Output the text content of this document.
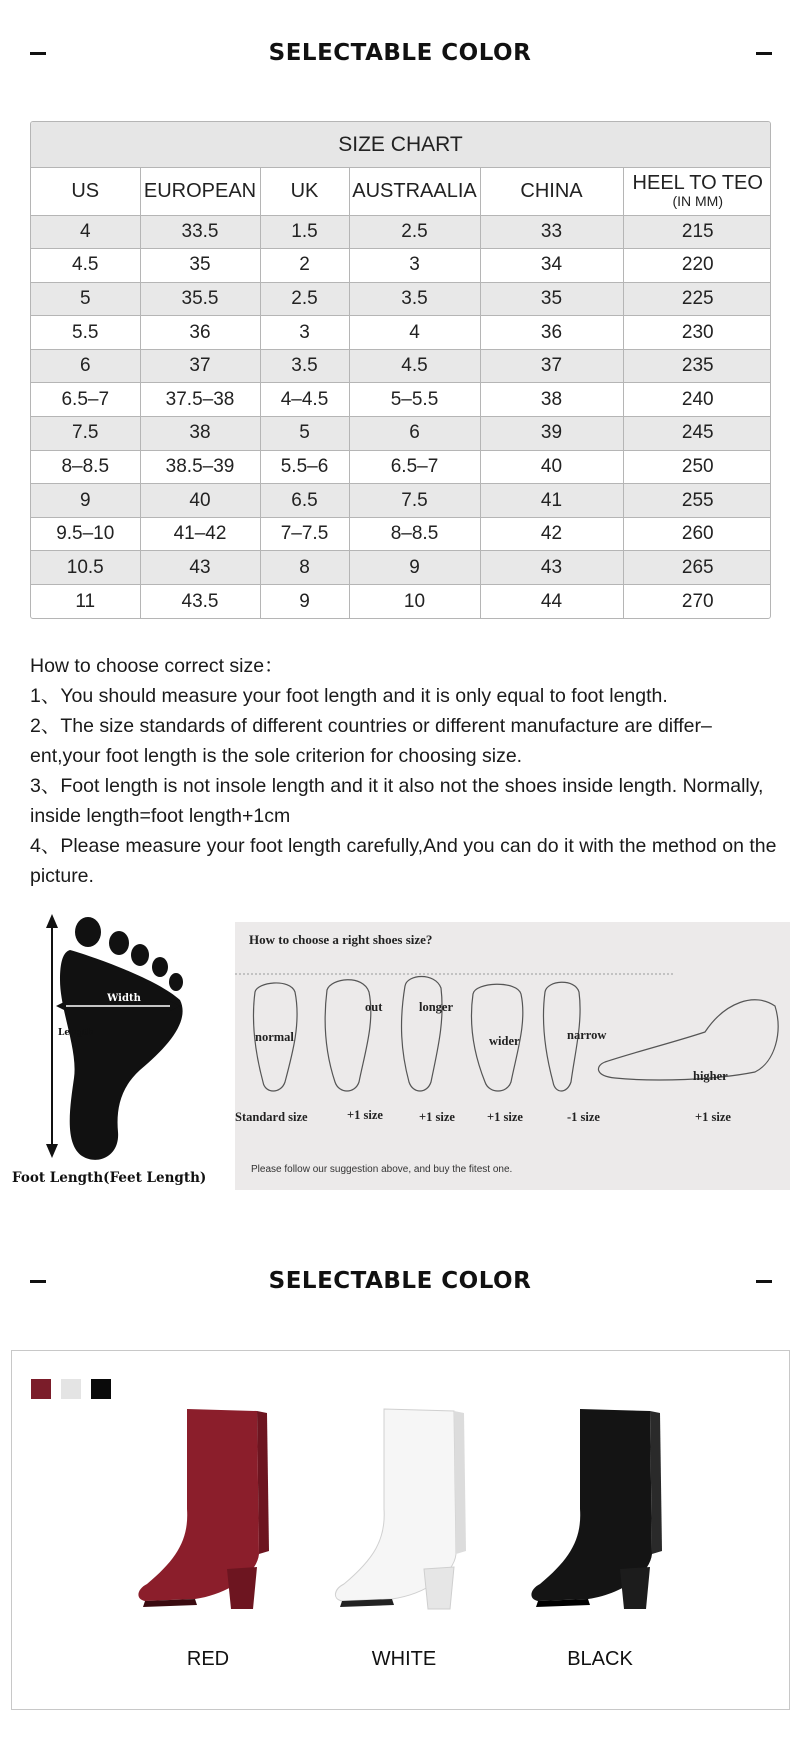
SELECTABLE COLOR
SIZE CHART
US	EUROPEAN	UK	AUSTRAALIA	CHINA	HEEL TO TEO
(IN MM)

4	33.5	1.5	2.5	33	215
4.5	35	2	3	34	220
5	35.5	2.5	3.5	35	225
5.5	36	3	4	36	230
6	37	3.5	4.5	37	235
6.5–7	37.5–38	4–4.5	5–5.5	38	240
7.5	38	5	6	39	245
8–8.5	38.5–39	5.5–6	6.5–7	40	250
9	40	6.5	7.5	41	255
9.5–10	41–42	7–7.5	8–8.5	42	260
10.5	43	8	9	43	265
11	43.5	9	10	44	270

How to choose correct size：

1、You should measure your foot length and it is only equal to foot length.

2、The size standards of different countries or different manufacture are differ–ent,your foot length is the sole criterion for choosing size.

3、Foot length is not insole length and it it also not the shoes inside length. Normally, inside length=foot length+1cm

4、Please measure your foot length carefully,And you can do it with the method on the picture.

Width
Length
Foot Length(Feet Length)
How to choose a right shoes size?
normal
out	longer
wider	narrow
higher
Standard size	+1 size	+1 size	+1 size	-1 size	+1 size
Please follow our suggestion above, and buy the fitest one.
SELECTABLE COLOR
RED	WHITE	BLACK
